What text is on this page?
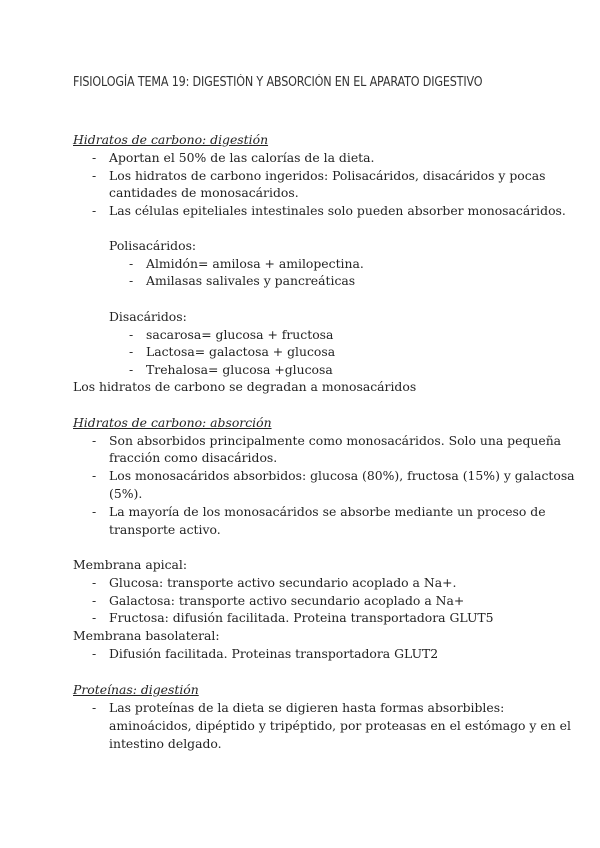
FISIOLOGÍA TEMA 19: DIGESTIÓN Y ABSORCIÓN EN EL APARATO DIGESTIVO
Hidratos de carbono: digestión
- Aportan el 50% de las calorías de la dieta.
- Los hidratos de carbono ingeridos: Polisacáridos, disacáridos y pocas
cantidades de monosacáridos.
- Las células epiteliales intestinales solo pueden absorber monosacáridos.
Polisacáridos:
- Almidón= amilosa + amilopectina.
- Amilasas salivales y pancreáticas
Disacáridos:
- sacarosa= glucosa + fructosa
- Lactosa= galactosa + glucosa
- Trehalosa= glucosa +glucosa
Los hidratos de carbono se degradan a monosacáridos
Hidratos de carbono: absorción
- Son absorbidos principalmente como monosacáridos. Solo una pequeña
fracción como disacáridos.
- Los monosacáridos absorbidos: glucosa (80%), fructosa (15%) y galactosa
(5%).
- La mayoría de los monosacáridos se absorbe mediante un proceso de
transporte activo.
Membrana apical:
- Glucosa: transporte activo secundario acoplado a Na+.
- Galactosa: transporte activo secundario acoplado a Na+
- Fructosa: difusión facilitada. Proteina transportadora GLUT5
Membrana basolateral:
- Difusión facilitada. Proteinas transportadora GLUT2
Proteínas: digestión
- Las proteínas de la dieta se digieren hasta formas absorbibles:
aminoácidos, dipéptido y tripéptido, por proteasas en el estómago y en el
intestino delgado.
